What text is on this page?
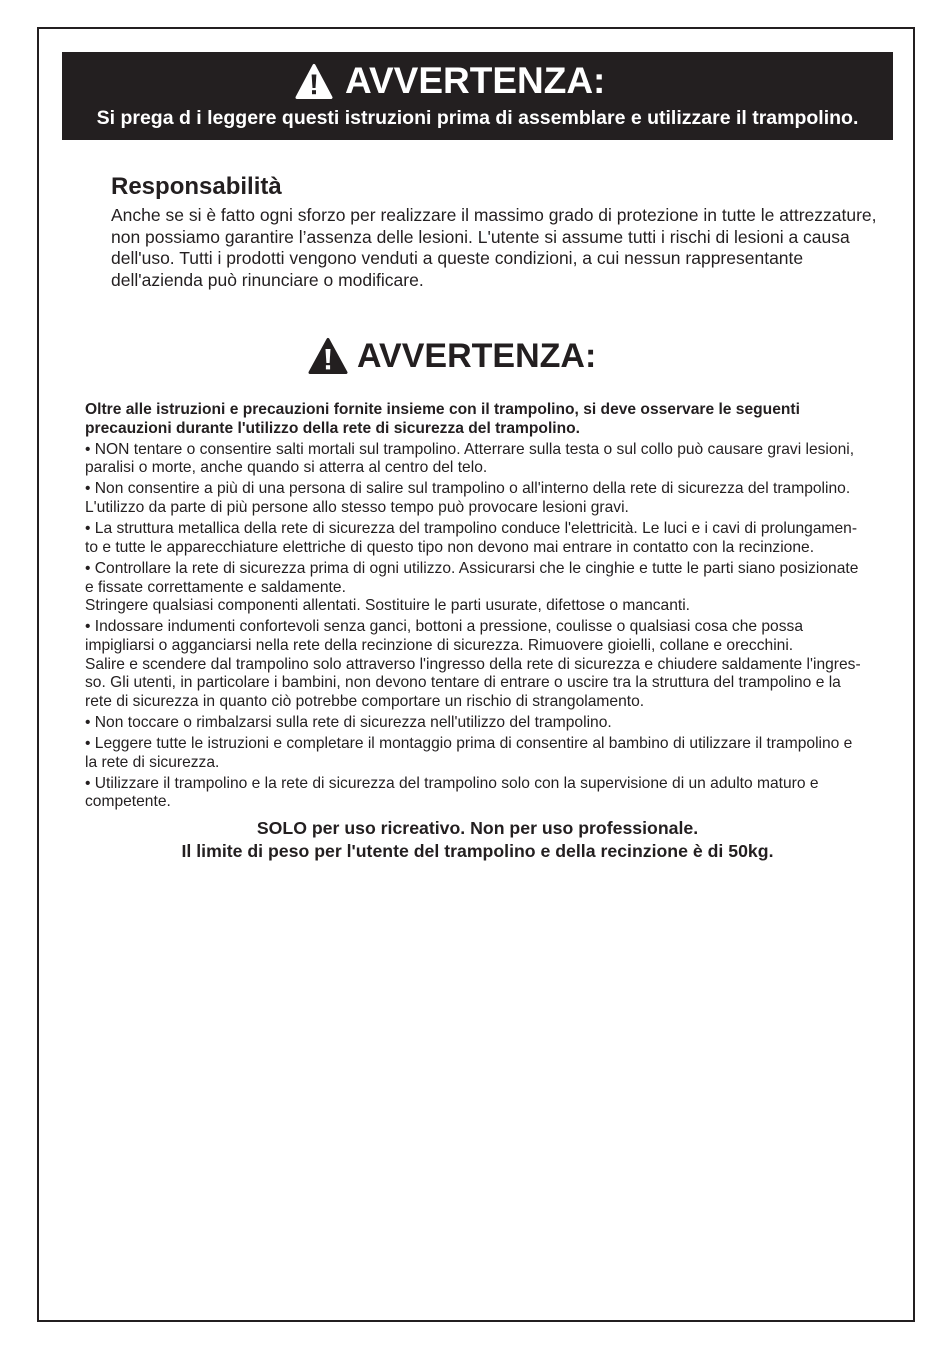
AVVERTENZA:
Si prega d i leggere questi istruzioni prima di assemblare e utilizzare il trampolino.
Responsabilità
Anche se si è fatto ogni sforzo per realizzare il massimo grado di protezione in tutte le attrezzature,
non possiamo garantire l’assenza delle lesioni. L'utente si assume tutti i rischi di lesioni a causa
dell'uso. Tutti i prodotti vengono venduti a queste condizioni, a cui nessun rappresentante
dell'azienda può rinunciare o modificare.
AVVERTENZA:
Oltre alle istruzioni e precauzioni fornite insieme con il trampolino, si deve osservare le seguenti
precauzioni durante l'utilizzo della rete di sicurezza del trampolino.
• NON tentare o consentire salti mortali sul trampolino. Atterrare sulla testa o sul collo può causare gravi lesioni,
paralisi o morte, anche quando si atterra al centro del telo.
• Non consentire a più di una persona di salire sul trampolino o all'interno della rete di sicurezza del trampolino.
L'utilizzo da parte di più persone allo stesso tempo può provocare lesioni gravi.
• La struttura metallica della rete di sicurezza del trampolino conduce l'elettricità. Le luci e i cavi di prolungamen-
to e tutte le apparecchiature elettriche di questo tipo non devono mai entrare in contatto con la recinzione.
• Controllare la rete di sicurezza prima di ogni utilizzo. Assicurarsi che le cinghie e tutte le parti siano posizionate
e fissate correttamente e saldamente.
Stringere qualsiasi componenti allentati. Sostituire le parti usurate, difettose o mancanti.
• Indossare indumenti confortevoli senza ganci, bottoni a pressione, coulisse o qualsiasi cosa che possa
impigliarsi o agganciarsi nella rete della recinzione di sicurezza. Rimuovere gioielli, collane e orecchini.
Salire e scendere dal trampolino solo attraverso l'ingresso della rete di sicurezza e chiudere saldamente l'ingres-
so. Gli utenti, in particolare i bambini, non devono tentare di entrare o uscire tra la struttura del trampolino e la
rete di sicurezza in quanto ciò potrebbe comportare un rischio di strangolamento.
• Non toccare o rimbalzarsi sulla rete di sicurezza nell'utilizzo del trampolino.
• Leggere tutte le istruzioni e completare il montaggio prima di consentire al bambino di utilizzare il trampolino e
la rete di sicurezza.
• Utilizzare il trampolino e la rete di sicurezza del trampolino solo con la supervisione di un adulto maturo e
competente.
SOLO per uso ricreativo. Non per uso professionale.
Il limite di peso per l'utente del trampolino e della recinzione è di 50kg.
